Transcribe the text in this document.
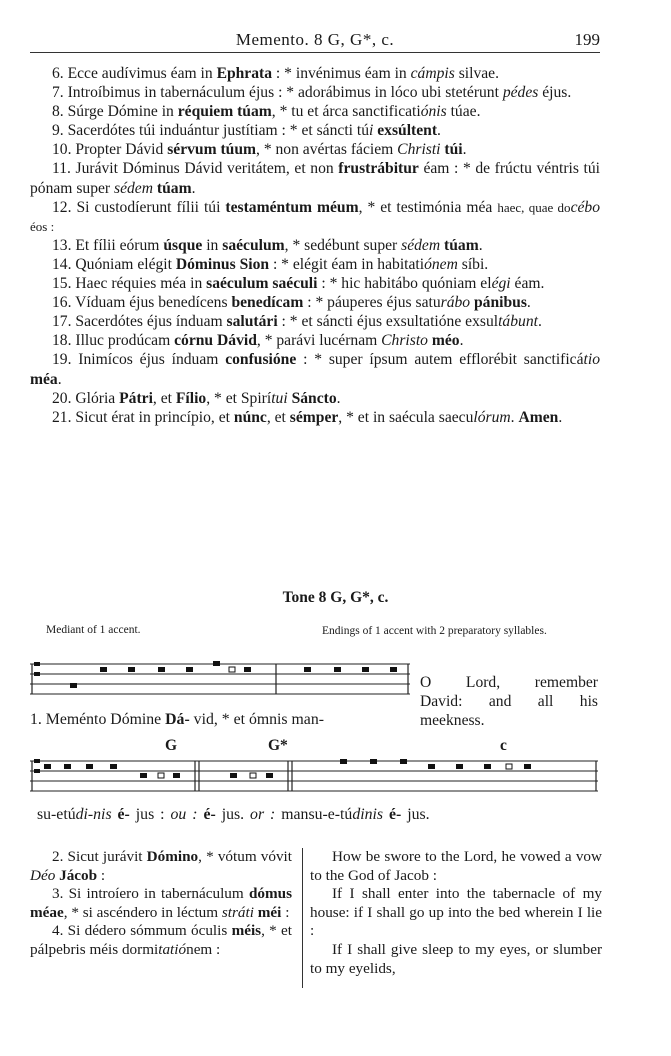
Memento. 8 G, G*, c.	199

6. Ecce audívimus éam in Ephrata : * invénimus éam in cámpis silvae.

7. Introíbimus in tabernáculum éjus : * adorábimus in lóco ubi stetérunt pédes éjus.

8. Súrge Dómine in réquiem túam, * tu et árca sanctificatiónis túae.

9. Sacerdótes túi induántur justítiam : * et sáncti túi exsúltent.

10. Propter Dávid sérvum túum, * non avértas fáciem Christi túi.

11. Jurávit Dóminus Dávid veritátem, et non frustrábitur éam : * de frúctu véntris túi pónam super sédem túam.

12. Si custodíerunt fílii túi testaméntum méum, * et testimónia méa haec, quae docébo éos :

13. Et fílii eórum úsque in saéculum, * sedébunt super sédem túam.

14. Quóniam elégit Dóminus Sion : * elégit éam in habitatiónem síbi.

15. Haec réquies méa in saéculum saéculi : * hic habitábo quóniam elégi éam.

16. Víduam éjus benedícens benedícam : * páuperes éjus saturábo pánibus.

17. Sacerdótes éjus índuam salutári : * et sáncti éjus exsultatióne exsultábunt.

18. Illuc prodúcam córnu Dávid, * parávi lucérnam Christo méo.

19. Inimícos éjus índuam confusióne : * super ípsum autem efflorébit sanctificátio méa.

20. Glória Pátri, et Fílio, * et Spirítui Sáncto.

21. Sicut érat in princípio, et núnc, et sémper, * et in saécula saeculórum. Amen.

Tone 8 G, G*, c.
Mediant of 1 accent.	Endings of 1 accent with 2 preparatory syllables.
O Lord, remember
David: and all his
meekness.
1. Meménto Dómine Dá- vid, * et ómnis man-
G	G*	c
su-etúdi-nis é- jus : ou : é- jus. or : mansu-e-túdinis é- jus.

2. Sicut jurávit Dómino, * vótum vóvit Déo Jácob :

3. Si introíero in tabernáculum dómus méae, * si ascéndero in léctum stráti méi :

4. Si dédero sómmum óculis méis, * et pálpebris méis dormitatiónem :

How be swore to the Lord, he vowed a vow to the God of Jacob :

If I shall enter into the tabernacle of my house: if I shall go up into the bed wherein I lie :

If I shall give sleep to my eyes, or slumber to my eyelids,
